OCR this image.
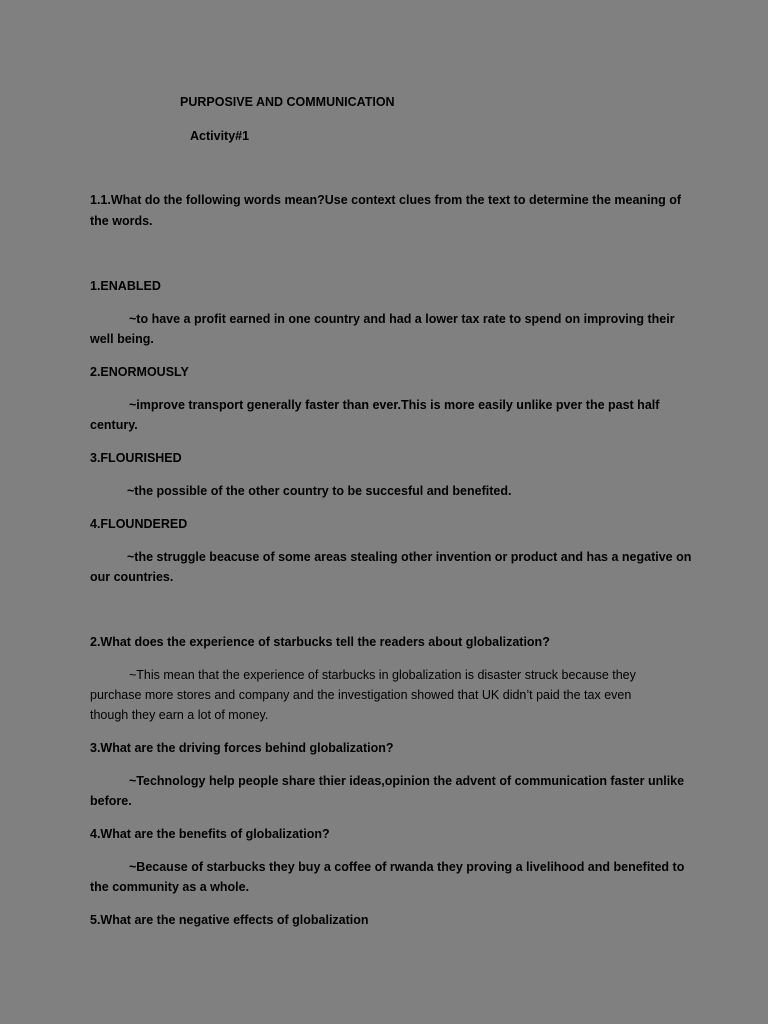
PURPOSIVE AND COMMUNICATION

Activity#1

1.1.What do the following words mean?Use context clues from the text to determine the meaning of

the words.

1.ENABLED

~to have a profit earned in one country and had a lower tax rate to spend on improving their

well being.

2.ENORMOUSLY

~improve transport generally faster than ever.This is more easily unlike pver the past half

century.

3.FLOURISHED

~the possible of the other country to be succesful and benefited.

4.FLOUNDERED

~the struggle beacuse of some areas stealing other invention or product and has a negative on

our countries.

2.What does the experience of starbucks tell the readers about globalization?

~This mean that the experience of starbucks in globalization is disaster struck because they

purchase more stores and company and the investigation showed that UK didn’t paid the tax even

though they earn a lot of money.

3.What are the driving forces behind globalization?

~Technology help people share thier ideas,opinion the advent of communication faster unlike

before.

4.What are the benefits of globalization?

~Because of starbucks they buy a coffee of rwanda they proving a livelihood and benefited to

the community as a whole.

5.What are the negative effects of globalization
